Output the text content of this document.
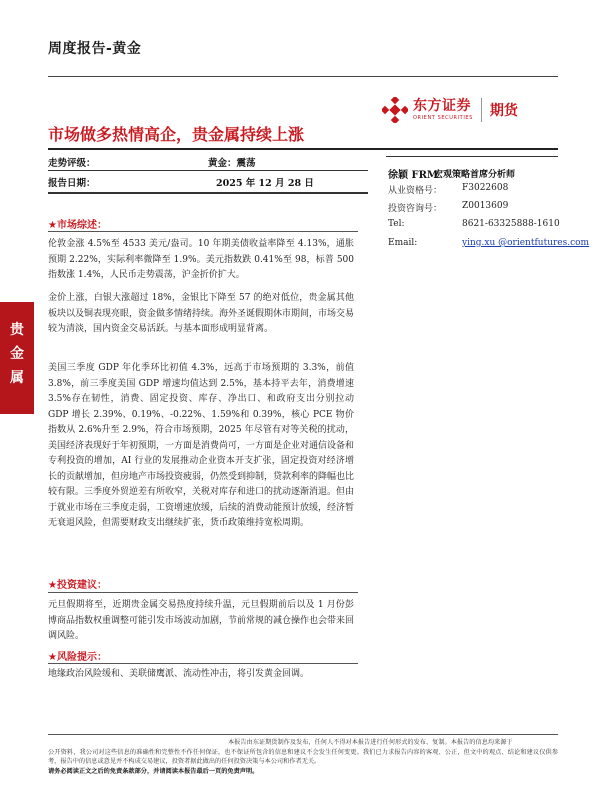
周度报告-黄金
东方证券
ORIENT SECURITIES 期货
市场做多热情高企，贵金属持续上涨
走势评级：	黄金：震荡
报告日期：	2025 年 12 月 28 日
徐颖 FRM
宏观策略首席分析师
从业资格号： F3022608
投资咨询号： Z0013609
Tel:	8621-63325888-1610
Email:	ying.xu @orientfutures.com
贵金属
★市场综述：
伦敦金涨 4.5%至 4533 美元/盎司。10 年期美债收益率降至 4.13%，通胀预期 2.22%，实际利率微降至 1.9%。美元指数跌 0.41%至 98，标普 500 指数涨 1.4%，人民币走势震荡，沪金折价扩大。
金价上涨，白银大涨超过 18%，金银比下降至 57 的绝对低位，贵金属其他板块以及铜表现亮眼，资金做多情绪持续。海外圣诞假期休市期间，市场交易较为清淡，国内资金交易活跃。与基本面形成明显背离。
美国三季度 GDP 年化季环比初值 4.3%，远高于市场预期的 3.3%，前值 3.8%，前三季度美国 GDP 增速均值达到 2.5%，基本持平去年，消费增速 3.5%存在韧性，消费、固定投资、库存、净出口、和政府支出分别拉动 GDP 增长 2.39%、0.19%、-0.22%、1.59%和 0.39%，核心 PCE 物价指数从 2.6%升至 2.9%，符合市场预期，2025 年尽管有对等关税的扰动，美国经济表现好于年初预期，一方面是消费尚可，一方面是企业对通信设备和专利投资的增加，AI 行业的发展推动企业资本开支扩张，固定投资对经济增长的贡献增加，但房地产市场投资疲弱，仍然受到抑制，贷款利率的降幅也比较有限。三季度外贸逆差有所收窄，关税对库存和进口的扰动逐渐消退。但由于就业市场在三季度走弱，工资增速放缓，后续的消费动能预计放缓，经济暂无衰退风险，但需要财政支出继续扩张，货币政策维持宽松周期。
★投资建议：
元旦假期将至，近期贵金属交易热度持续升温，元旦假期前后以及 1 月份彭博商品指数权重调整可能引发市场波动加剧，节前常规的减仓操作也会带来回调风险。
★风险提示：
地缘政治风险缓和、美联储鹰派、流动性冲击，将引发黄金回调。
本报告由东证期货制作及发布，任何人不得对本报告进行任何形式的发布、复制。本报告的信息均来源于
公开资料，我公司对这些信息的准确性和完整性不作任何保证，也不保证所包含的信息和建议不会发生任何变更。我们已力求报告内容的客观、公正，但文中的观点、结论和建议仅供参考，报告中的信息或意见并不构成交易建议，投资者据此做出的任何投资决策与本公司和作者无关。
请务必阅读正文之后的免责条款部分，并请阅读本报告最后一页的免责声明。
